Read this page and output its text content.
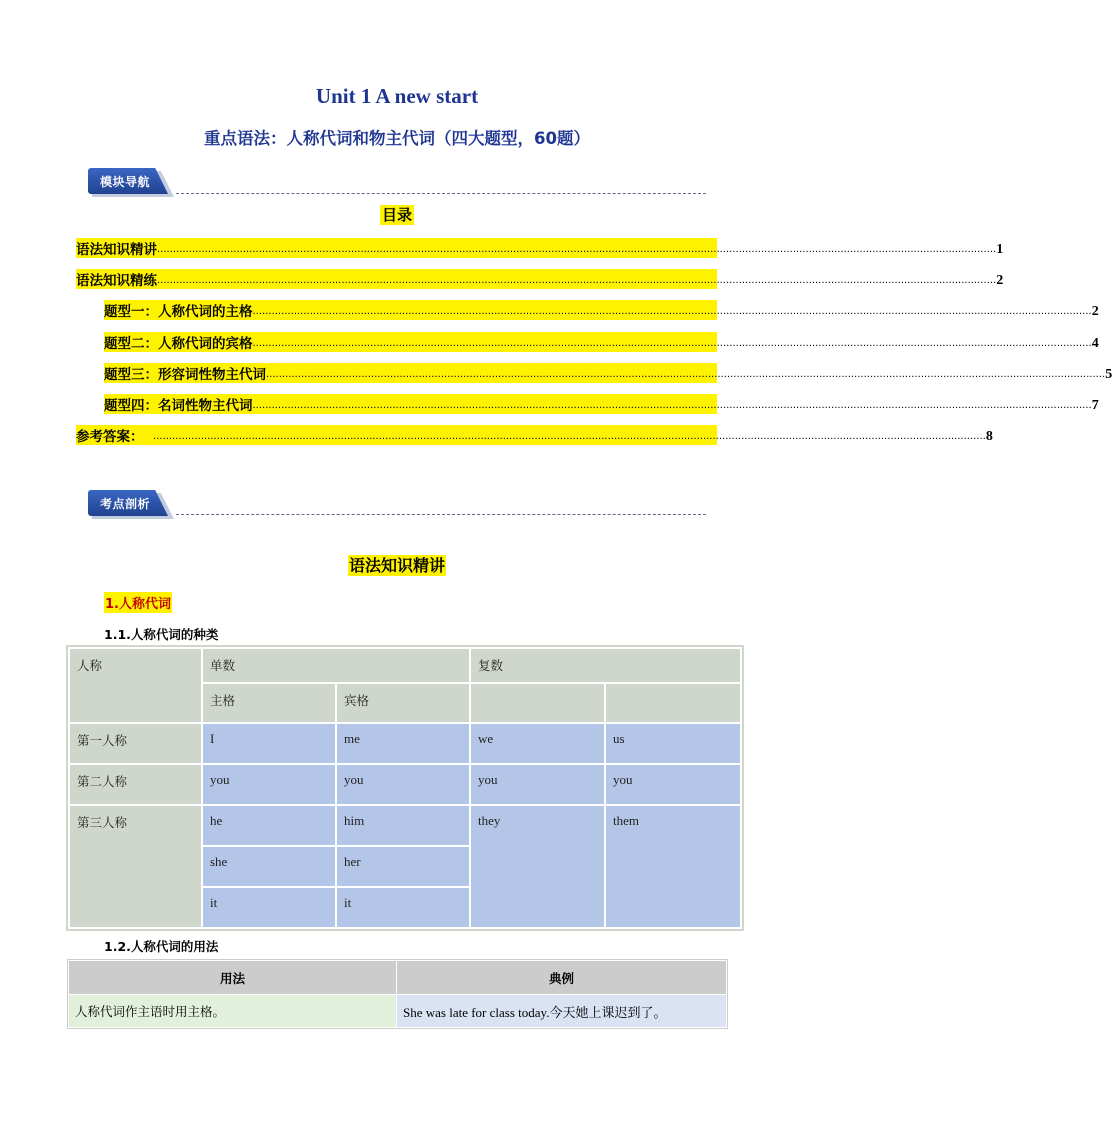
Unit 1 A new start
重点语法：人称代词和物主代词（四大题型，60题）
模块导航
目录
语法知识精讲 ........................................................................................................................................................................................................................................................................ 1
语法知识精练 ........................................................................................................................................................................................................................................................................ 2
题型一：人称代词的主格 ........................................................................................................................................................................................................................................................................ 2
题型二：人称代词的宾格 ........................................................................................................................................................................................................................................................................ 4
题型三：形容词性物主代词 ........................................................................................................................................................................................................................................................................ 5
题型四：名词性物主代词 ........................................................................................................................................................................................................................................................................ 7
参考答案： ...................................................................................................................................................................................................................................................................... 8
考点剖析
语法知识精讲
1.人称代词
1.1.人称代词的种类
人称	单数		复数	
	主格	宾格		
第一人称	I	me	we	us
第二人称	you	you	you	you
第三人称	he	him	they	them
	she	her		
	it	it		
1.2.人称代词的用法
用法	典例
人称代词作主语时用主格。	She was late for class today.今天她上课迟到了。
